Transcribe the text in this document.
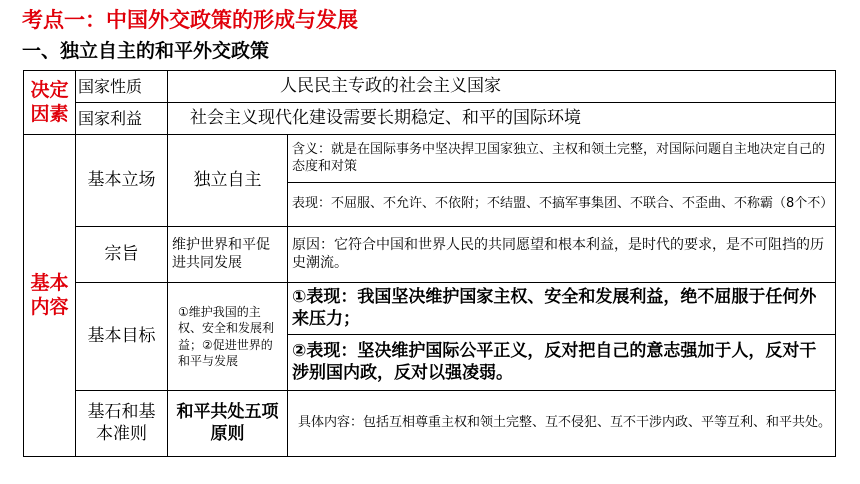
考点一：中国外交政策的形成与发展
一、独立自主的和平外交政策
决定因素	国家性质	人民民主专政的社会主义国家	
	国家利益	社会主义现代化建设需要长期稳定、和平的国际环境	
基本内容	基本立场	独立自主	含义：就是在国际事务中坚决捍卫国家独立、主权和领土完整，对国际问题自主地决定自己的态度和对策
			表现：不屈服、不允许、不依附；不结盟、不搞军事集团、不联合、不歪曲、不称霸（8个不）
	宗旨	维护世界和平促进共同发展	原因：它符合中国和世界人民的共同愿望和根本利益，是时代的要求，是不可阻挡的历史潮流。
	基本目标	①维护我国的主权、安全和发展利益；②促进世界的和平与发展	①表现：我国坚决维护国家主权、安全和发展利益，绝不屈服于任何外来压力；
			②表现：坚决维护国际公平正义，反对把自己的意志强加于人，反对干涉别国内政，反对以强凌弱。
	基石和基本准则	和平共处五项原则	具体内容：包括互相尊重主权和领土完整、互不侵犯、互不干涉内政、平等互利、和平共处。
